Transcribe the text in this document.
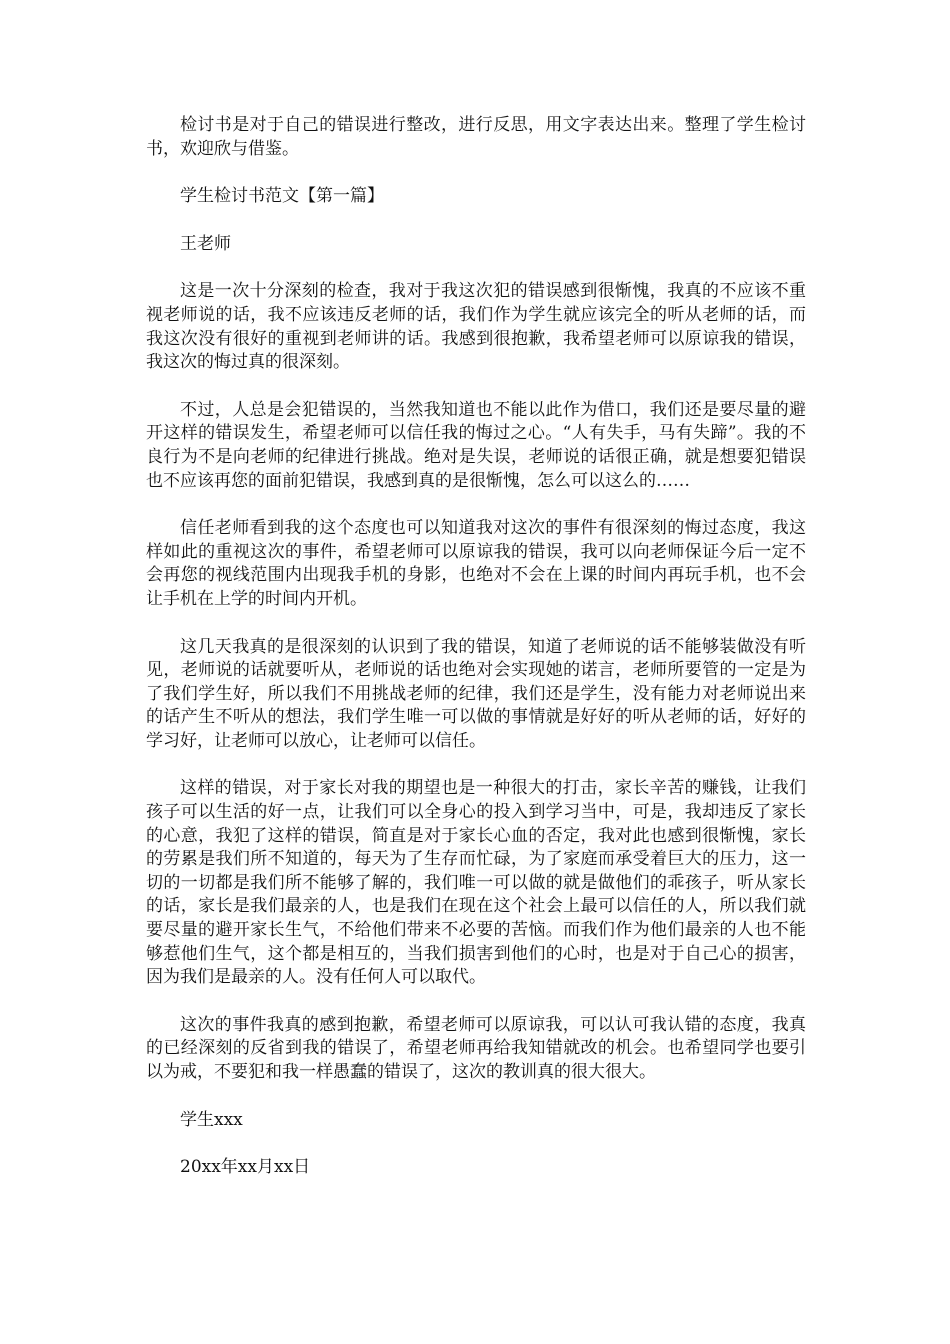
检讨书是对于自己的错误进行整改，进行反思，用文字表达出来。整理了学生检讨书，欢迎欣与借鉴。

学生检讨书范文【第一篇】

王老师

这是一次十分深刻的检查，我对于我这次犯的错误感到很惭愧，我真的不应该不重视老师说的话，我不应该违反老师的话，我们作为学生就应该完全的听从老师的话，而我这次没有很好的重视到老师讲的话。我感到很抱歉，我希望老师可以原谅我的错误，我这次的悔过真的很深刻。

不过，人总是会犯错误的，当然我知道也不能以此作为借口，我们还是要尽量的避开这样的错误发生，希望老师可以信任我的悔过之心。“人有失手，马有失蹄”。我的不良行为不是向老师的纪律进行挑战。绝对是失误，老师说的话很正确，就是想要犯错误也不应该再您的面前犯错误，我感到真的是很惭愧，怎么可以这么的……

信任老师看到我的这个态度也可以知道我对这次的事件有很深刻的悔过态度，我这样如此的重视这次的事件，希望老师可以原谅我的错误，我可以向老师保证今后一定不会再您的视线范围内出现我手机的身影，也绝对不会在上课的时间内再玩手机，也不会让手机在上学的时间内开机。

这几天我真的是很深刻的认识到了我的错误，知道了老师说的话不能够装做没有听见，老师说的话就要听从，老师说的话也绝对会实现她的诺言，老师所要管的一定是为了我们学生好，所以我们不用挑战老师的纪律，我们还是学生，没有能力对老师说出来的话产生不听从的想法，我们学生唯一可以做的事情就是好好的听从老师的话，好好的学习好，让老师可以放心，让老师可以信任。

这样的错误，对于家长对我的期望也是一种很大的打击，家长辛苦的赚钱，让我们孩子可以生活的好一点，让我们可以全身心的投入到学习当中，可是，我却违反了家长的心意，我犯了这样的错误，简直是对于家长心血的否定，我对此也感到很惭愧，家长的劳累是我们所不知道的，每天为了生存而忙碌，为了家庭而承受着巨大的压力，这一切的一切都是我们所不能够了解的，我们唯一可以做的就是做他们的乖孩子，听从家长的话，家长是我们最亲的人，也是我们在现在这个社会上最可以信任的人，所以我们就要尽量的避开家长生气，不给他们带来不必要的苦恼。而我们作为他们最亲的人也不能够惹他们生气，这个都是相互的，当我们损害到他们的心时，也是对于自己心的损害，因为我们是最亲的人。没有任何人可以取代。

这次的事件我真的感到抱歉，希望老师可以原谅我，可以认可我认错的态度，我真的已经深刻的反省到我的错误了，希望老师再给我知错就改的机会。也希望同学也要引以为戒，不要犯和我一样愚蠢的错误了，这次的教训真的很大很大。

学生xxx

20xx年xx月xx日
